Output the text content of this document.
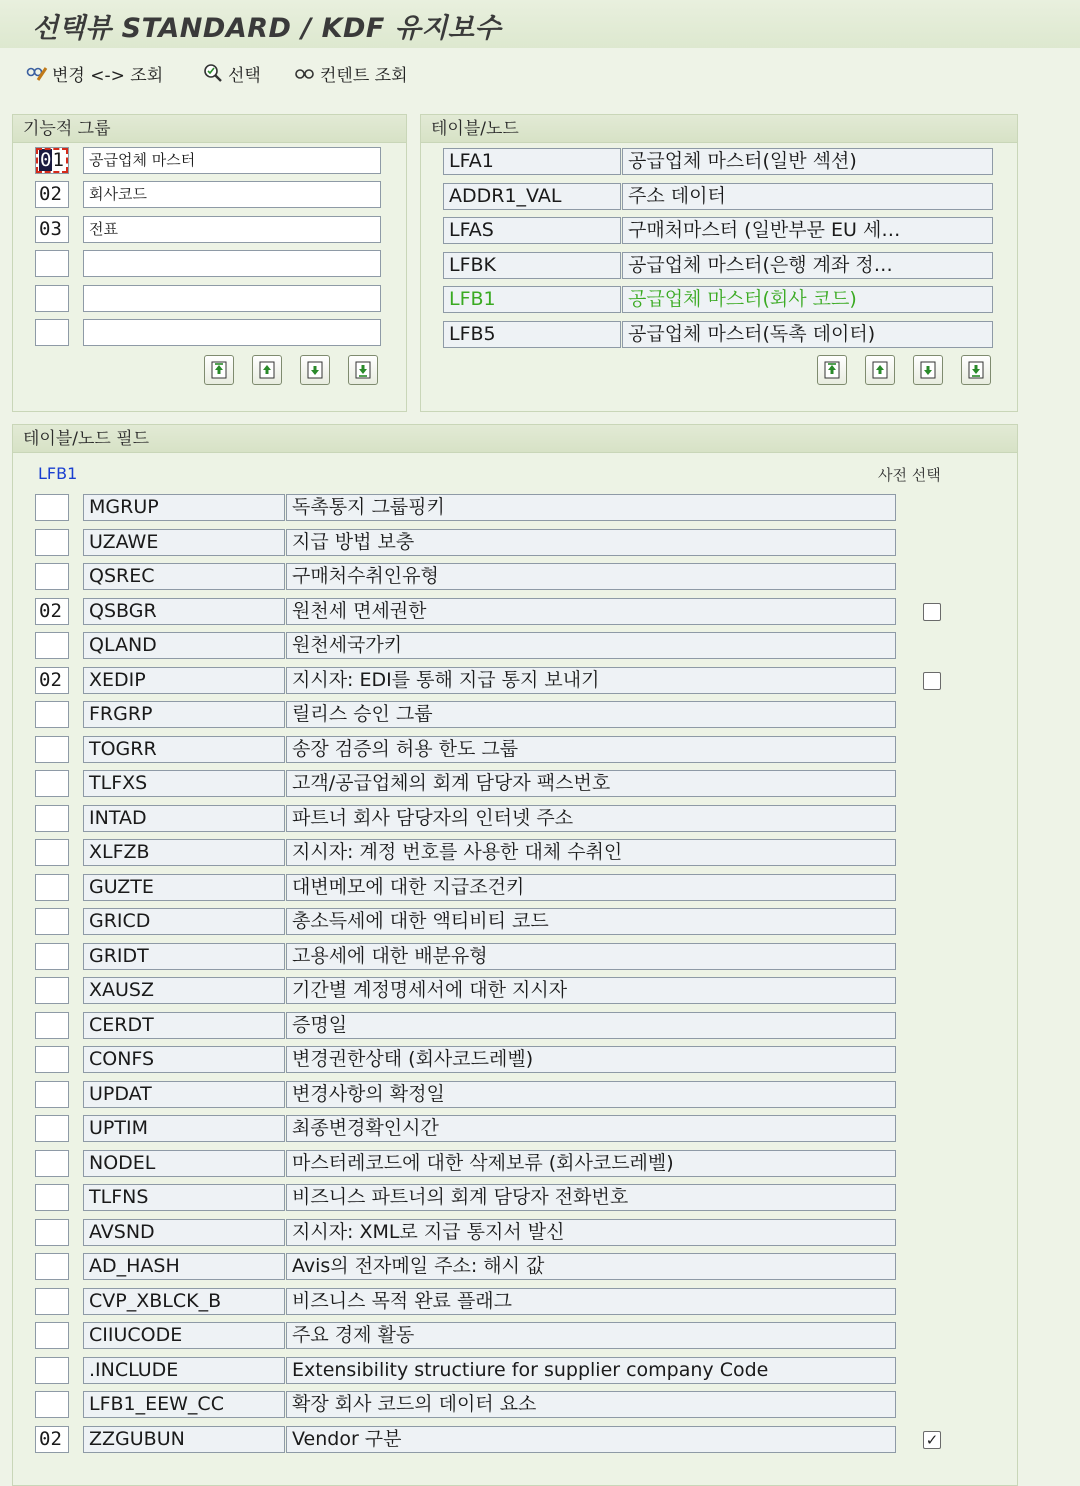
선택뷰 STANDARD / KDF 유지보수
변경 <-> 조회	선택	컨텐트 조회
기능적 그룹	테이블/노드
테이블/노드 필드
LFB1	사전 선택
01	공급업체 마스터
02	회사코드
03	전표
LFA1	공급업체 마스터(일반 섹션)
ADDR1_VAL	주소 데이터
LFAS	구매처마스터 (일반부문 EU 세…
LFBK	공급업체 마스터(은행 계좌 정…
LFB1	공급업체 마스터(회사 코드)
LFB5	공급업체 마스터(독촉 데이터)
MGRUP	독촉통지 그룹핑키
UZAWE	지급 방법 보충
QSREC	구매처수취인유형
02	QSBGR	원천세 면세권한
QLAND	원천세국가키
02	XEDIP	지시자: EDI를 통해 지급 통지 보내기
FRGRP	릴리스 승인 그룹
TOGRR	송장 검증의 허용 한도 그룹
TLFXS	고객/공급업체의 회계 담당자 팩스번호
INTAD	파트너 회사 담당자의 인터넷 주소
XLFZB	지시자: 계정 번호를 사용한 대체 수취인
GUZTE	대변메모에 대한 지급조건키
GRICD	총소득세에 대한 액티비티 코드
GRIDT	고용세에 대한 배분유형
XAUSZ	기간별 계정명세서에 대한 지시자
CERDT	증명일
CONFS	변경권한상태 (회사코드레벨)
UPDAT	변경사항의 확정일
UPTIM	최종변경확인시간
NODEL	마스터레코드에 대한 삭제보류 (회사코드레벨)
TLFNS	비즈니스 파트너의 회계 담당자 전화번호
AVSND	지시자: XML로 지급 통지서 발신
AD_HASH	Avis의 전자메일 주소: 해시 값
CVP_XBLCK_B	비즈니스 목적 완료 플래그
CIIUCODE	주요 경제 활동
.INCLUDE	Extensibility structiure for supplier company Code
LFB1_EEW_CC	확장 회사 코드의 데이터 요소
02	ZZGUBUN	Vendor 구분	✓
